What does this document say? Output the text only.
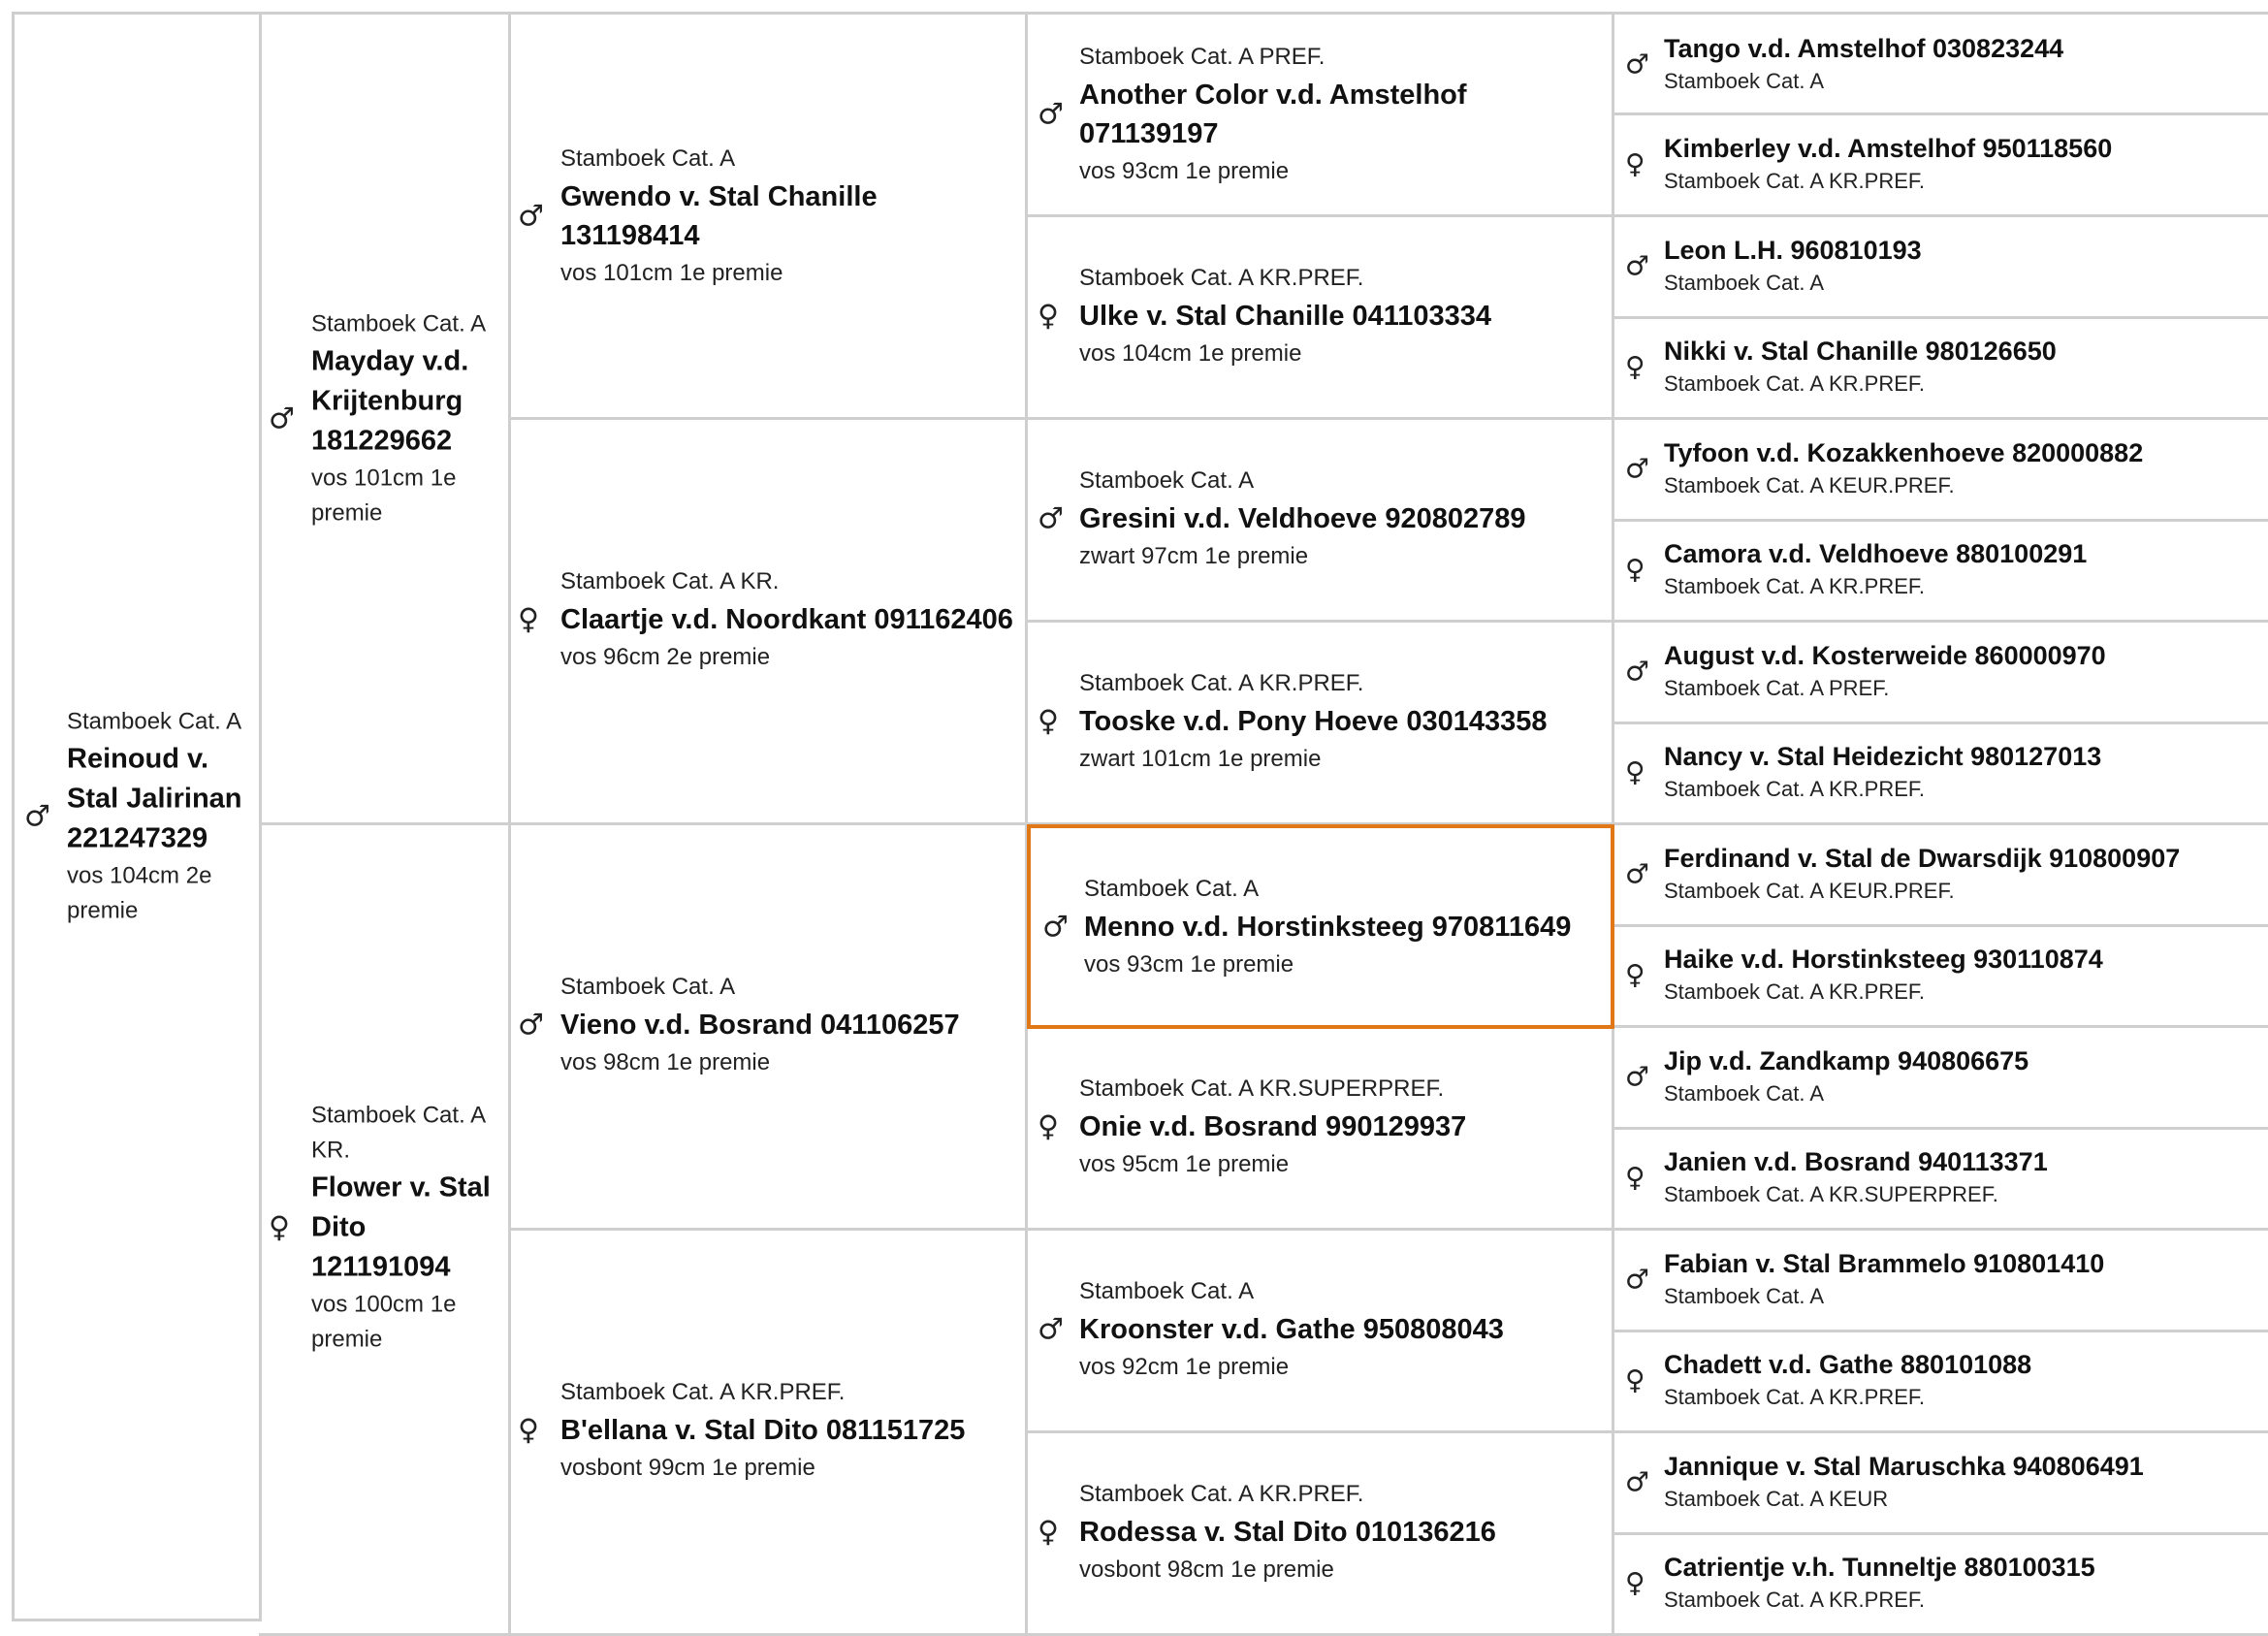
♂
Stamboek Cat. A
Reinoud v. Stal Jalirinan 221247329
vos 104cm 2e premie
♂
Stamboek Cat. A
Mayday v.d. Krijtenburg 181229662
vos 101cm 1e premie
♀
Stamboek Cat. A KR.
Flower v. Stal Dito 121191094
vos 100cm 1e premie
♂
Stamboek Cat. A
Gwendo v. Stal Chanille 131198414
vos 101cm 1e premie
♀
Stamboek Cat. A KR.
Claartje v.d. Noordkant 091162406
vos 96cm 2e premie
♂
Stamboek Cat. A
Vieno v.d. Bosrand 041106257
vos 98cm 1e premie
♀
Stamboek Cat. A KR.PREF.
B'ellana v. Stal Dito 081151725
vosbont 99cm 1e premie
♂
Stamboek Cat. A PREF.
Another Color v.d. Amstelhof 071139197
vos 93cm 1e premie
♀
Stamboek Cat. A KR.PREF.
Ulke v. Stal Chanille 041103334
vos 104cm 1e premie
♂
Stamboek Cat. A
Gresini v.d. Veldhoeve 920802789
zwart 97cm 1e premie
♀
Stamboek Cat. A KR.PREF.
Tooske v.d. Pony Hoeve 030143358
zwart 101cm 1e premie
♂
Stamboek Cat. A
Menno v.d. Horstinksteeg 970811649
vos 93cm 1e premie
♀
Stamboek Cat. A KR.SUPERPREF.
Onie v.d. Bosrand 990129937
vos 95cm 1e premie
♂
Stamboek Cat. A
Kroonster v.d. Gathe 950808043
vos 92cm 1e premie
♀
Stamboek Cat. A KR.PREF.
Rodessa v. Stal Dito 010136216
vosbont 98cm 1e premie
♂ Tango v.d. Amstelhof 030823244
Stamboek Cat. A
♀ Kimberley v.d. Amstelhof 950118560
Stamboek Cat. A KR.PREF.
♂ Leon L.H. 960810193
Stamboek Cat. A
♀ Nikki v. Stal Chanille 980126650
Stamboek Cat. A KR.PREF.
♂ Tyfoon v.d. Kozakkenhoeve 820000882
Stamboek Cat. A KEUR.PREF.
♀ Camora v.d. Veldhoeve 880100291
Stamboek Cat. A KR.PREF.
♂ August v.d. Kosterweide 860000970
Stamboek Cat. A PREF.
♀ Nancy v. Stal Heidezicht 980127013
Stamboek Cat. A KR.PREF.
♂ Ferdinand v. Stal de Dwarsdijk 910800907
Stamboek Cat. A KEUR.PREF.
♀ Haike v.d. Horstinksteeg 930110874
Stamboek Cat. A KR.PREF.
♂ Jip v.d. Zandkamp 940806675
Stamboek Cat. A
♀ Janien v.d. Bosrand 940113371
Stamboek Cat. A KR.SUPERPREF.
♂ Fabian v. Stal Brammelo 910801410
Stamboek Cat. A
♀ Chadett v.d. Gathe 880101088
Stamboek Cat. A KR.PREF.
♂ Jannique v. Stal Maruschka 940806491
Stamboek Cat. A KEUR
♀ Catrientje v.h. Tunneltje 880100315
Stamboek Cat. A KR.PREF.
